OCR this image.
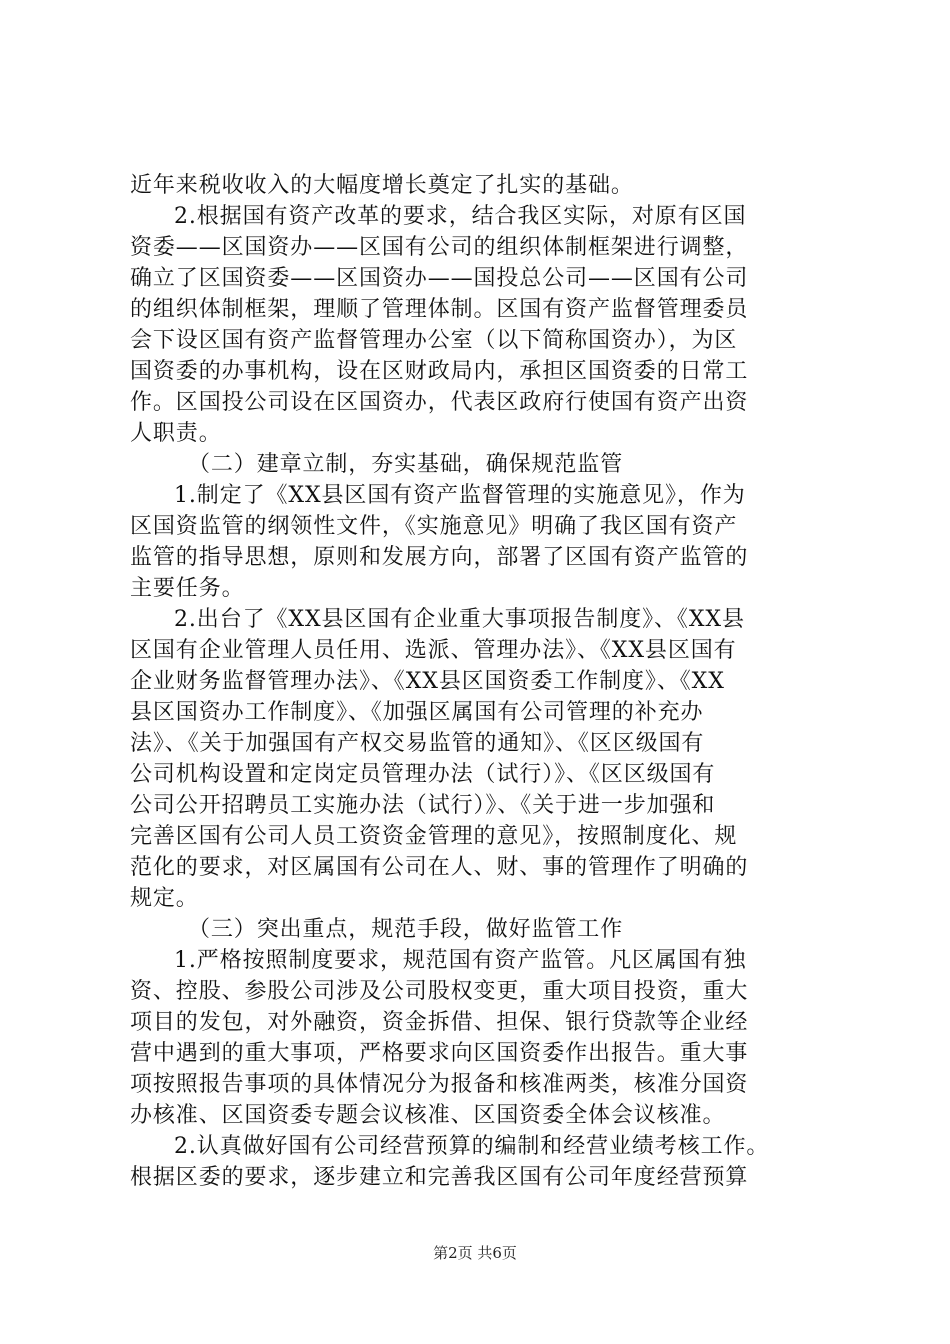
近年来税收收入的大幅度增长奠定了扎实的基础。
2.根据国有资产改革的要求，结合我区实际，对原有区国
资委——区国资办——区国有公司的组织体制框架进行调整，
确立了区国资委——区国资办——国投总公司——区国有公司
的组织体制框架，理顺了管理体制。区国有资产监督管理委员
会下设区国有资产监督管理办公室（以下简称国资办），为区
国资委的办事机构，设在区财政局内，承担区国资委的日常工
作。区国投公司设在区国资办，代表区政府行使国有资产出资
人职责。
（二）建章立制，夯实基础，确保规范监管
1.制定了《XX县区国有资产监督管理的实施意见》，作为
区国资监管的纲领性文件，《实施意见》明确了我区国有资产
监管的指导思想，原则和发展方向，部署了区国有资产监管的
主要任务。
2.出台了《XX县区国有企业重大事项报告制度》、《XX县
区国有企业管理人员任用、选派、管理办法》、《XX县区国有
企业财务监督管理办法》、《XX县区国资委工作制度》、《XX
县区国资办工作制度》、《加强区属国有公司管理的补充办
法》、《关于加强国有产权交易监管的通知》、《区区级国有
公司机构设置和定岗定员管理办法（试行）》、《区区级国有
公司公开招聘员工实施办法（试行）》、《关于进一步加强和
完善区国有公司人员工资资金管理的意见》，按照制度化、规
范化的要求，对区属国有公司在人、财、事的管理作了明确的
规定。
（三）突出重点，规范手段，做好监管工作
1.严格按照制度要求，规范国有资产监管。凡区属国有独
资、控股、参股公司涉及公司股权变更，重大项目投资，重大
项目的发包，对外融资，资金拆借、担保、银行贷款等企业经
营中遇到的重大事项，严格要求向区国资委作出报告。重大事
项按照报告事项的具体情况分为报备和核准两类，核准分国资
办核准、区国资委专题会议核准、区国资委全体会议核准。
2.认真做好国有公司经营预算的编制和经营业绩考核工作。
根据区委的要求，逐步建立和完善我区国有公司年度经营预算
第2页 共6页
